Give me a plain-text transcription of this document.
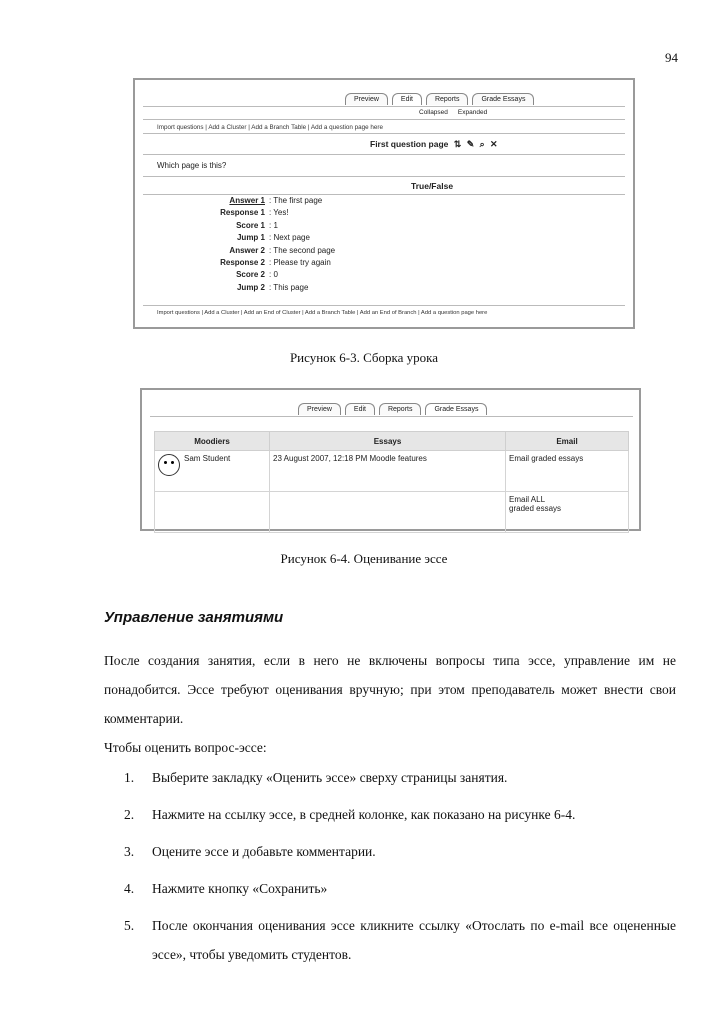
94
Preview	Edit	Reports	Grade Essays
Collapsed Expanded
Import questions | Add a Cluster | Add a Branch Table | Add a question page here
First question page ⇅ ✎ ⌕ ✕
Which page is this?
True/False
Answer 1 : The first page
Response 1 : Yes!
Score 1 : 1
Jump 1 : Next page
Answer 2 : The second page
Response 2 : Please try again
Score 2 : 0
Jump 2 : This page
Import questions | Add a Cluster | Add an End of Cluster | Add a Branch Table | Add an End of Branch | Add a question page here
Рисунок 6-3. Сборка урока
Preview	Edit	Reports	Grade Essays
Moodiers	Essays	Email
Sam Student	23 August 2007, 12:18 PM Moodle features	Email graded essays

		Email ALL
graded essays
Рисунок 6-4. Оценивание эссе
Управление занятиями
После создания занятия, если в него не включены вопросы типа эссе, управление им не понадобится. Эссе требуют оценивания вручную; при этом преподаватель может внести свои комментарии.
Чтобы оценить вопрос-эссе:
1.	Выберите закладку «Оценить эссе» сверху страницы занятия.
2.	Нажмите на ссылку эссе, в средней колонке, как показано на рисунке 6-4.
3.	Оцените эссе и добавьте комментарии.
4.	Нажмите кнопку «Сохранить»
5.	После окончания оценивания эссе кликните ссылку «Отослать по e-mail все оцененные эссе», чтобы уведомить студентов.
